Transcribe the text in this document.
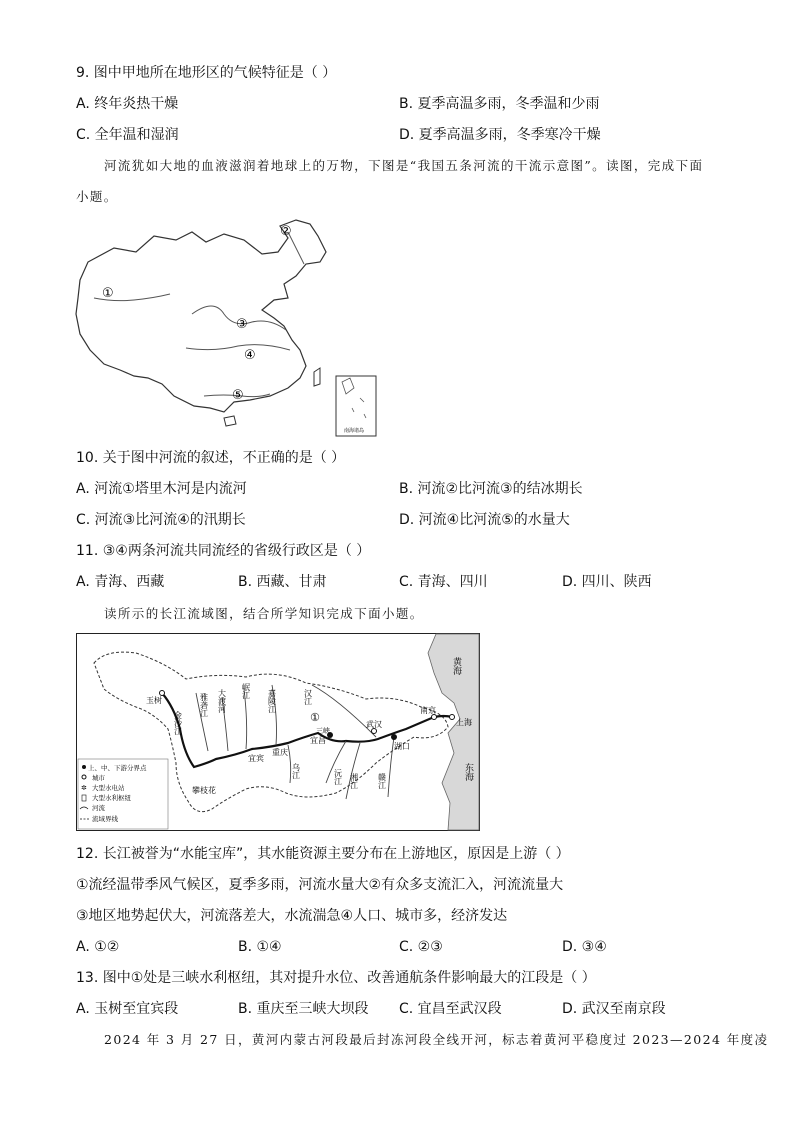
9. 图中甲地所在地形区的气候特征是（ ）
A. 终年炎热干燥	B. 夏季高温多雨，冬季温和少雨
C. 全年温和湿润	D. 夏季高温多雨，冬季寒冷干燥
河流犹如大地的血液滋润着地球上的万物，下图是“我国五条河流的干流示意图”。读图，完成下面
小题。
①
②
③
④
⑤
南海诸岛
10. 关于图中河流的叙述，不正确的是（ ）
A. 河流①塔里木河是内流河	B. 河流②比河流③的结冰期长
C. 河流③比河流④的汛期长	D. 河流④比河流⑤的水量大
11. ③④两条河流共同流经的省级行政区是（ ）
A. 青海、西藏	B. 西藏、甘肃	C. 青海、四川	D. 四川、陕西
读所示的长江流域图，结合所学知识完成下面小题。
玉树
宜宾
重庆
宜昌
武汉
湖口
南京
上海
攀枝花
金沙江
雅砻江 大渡河 岷江 嘉陵江
乌江
汉江
沅江 湘江 赣江
黄海
东海
①
三峡
上、中、下游分界点
城市
✲ 大型水电站
大型水利枢纽
河流
流域界线
12. 长江被誉为“水能宝库”，其水能资源主要分布在上游地区，原因是上游（ ）
①流经温带季风气候区，夏季多雨，河流水量大②有众多支流汇入，河流流量大
③地区地势起伏大，河流落差大，水流湍急④人口、城市多，经济发达
A. ①②	B. ①④	C. ②③	D. ③④
13. 图中①处是三峡水利枢纽，其对提升水位、改善通航条件影响最大的江段是（ ）
A. 玉树至宜宾段	B. 重庆至三峡大坝段 C. 宜昌至武汉段	D. 武汉至南京段
2024 年 3 月 27 日，黄河内蒙古河段最后封冻河段全线开河，标志着黄河平稳度过 2023—2024 年度凌
